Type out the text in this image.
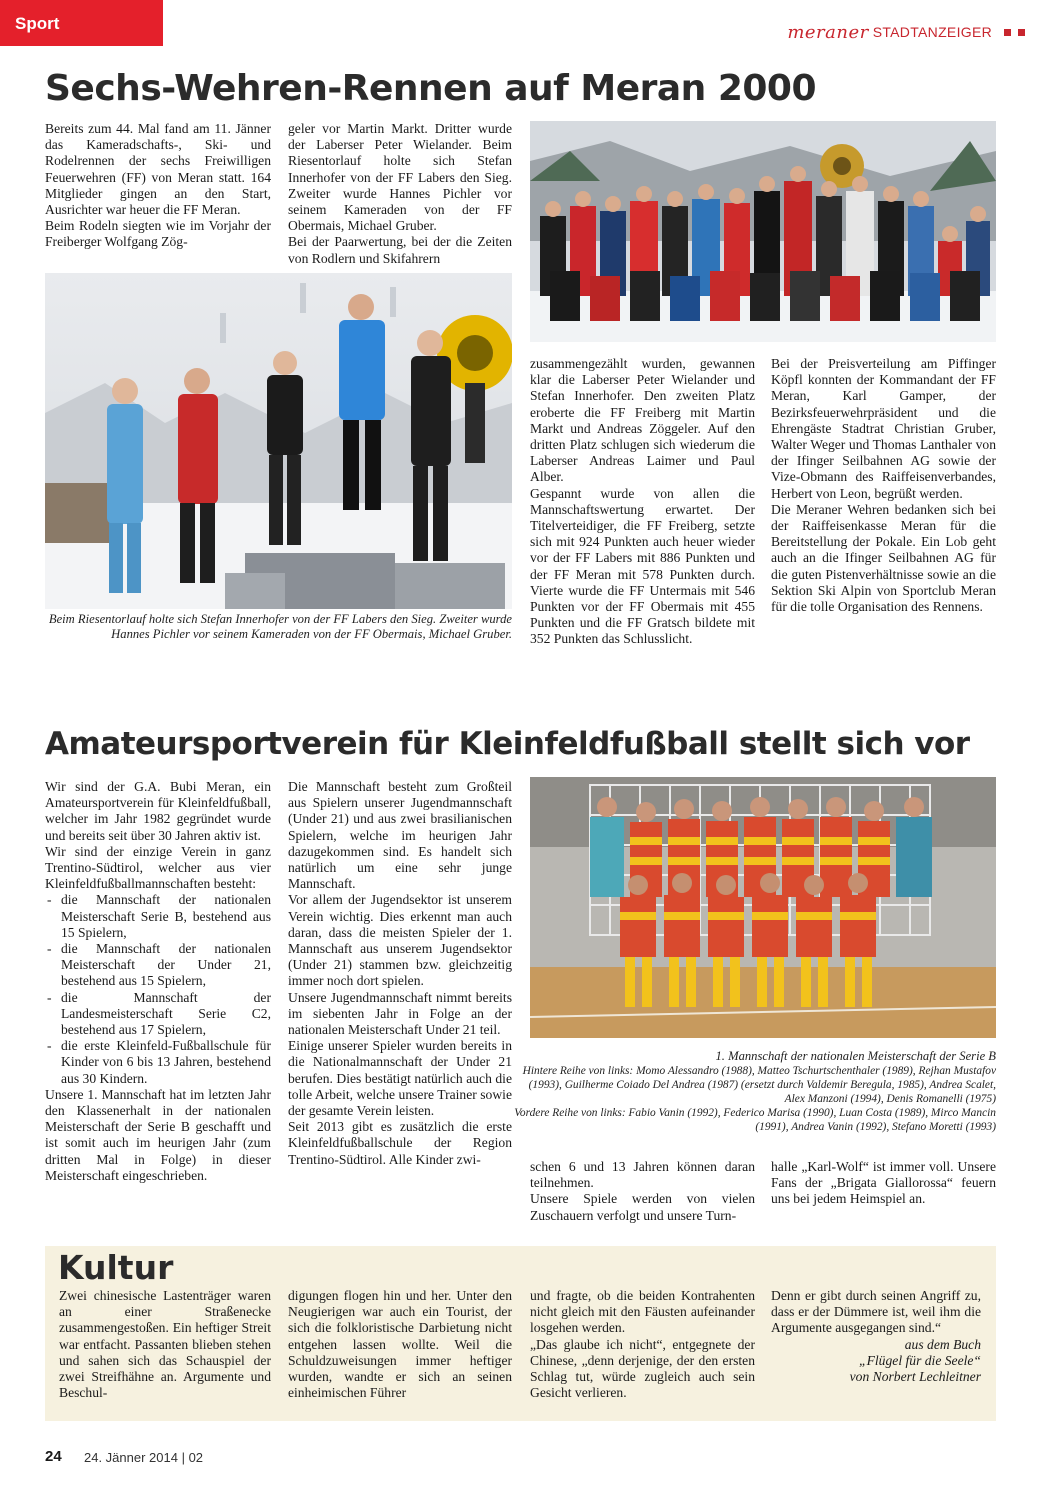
Sport	meraner STADTANZEIGER
Sechs-Wehren-Rennen auf Meran 2000

Bereits zum 44. Mal fand am 11. Jänner das Kameradschafts-, Ski- und Rodelrennen der sechs Freiwilligen Feuerwehren (FF) von Meran statt. 164 Mitglieder gingen an den Start, Ausrichter war heuer die FF Meran.

Beim Rodeln siegten wie im Vorjahr der Freiberger Wolfgang Zög-

geler vor Martin Markt. Dritter wurde der Laberser Peter Wielander. Beim Riesentorlauf holte sich Stefan Innerhofer von der FF Labers den Sieg. Zweiter wurde Hannes Pichler vor seinem Kameraden von der FF Obermais, Michael Gruber.

Bei der Paarwertung, bei der die Zeiten von Rodlern und Skifahrern

Beim Riesentorlauf holte sich Stefan Innerhofer von der FF Labers den Sieg. Zweiter wurde Hannes Pichler vor seinem Kameraden von der FF Obermais, Michael Gruber.

zusammengezählt wurden, gewannen klar die Laberser Peter Wielander und Stefan Innerhofer. Den zweiten Platz eroberte die FF Freiberg mit Martin Markt und Andreas Zöggeler. Auf den dritten Platz schlugen sich wiederum die Laberser Andreas Laimer und Paul Alber.

Gespannt wurde von allen die Mannschaftswertung erwartet. Der Titelverteidiger, die FF Freiberg, setzte sich mit 924 Punkten auch heuer wieder vor der FF Labers mit 886 Punkten und der FF Meran mit 578 Punkten durch. Vierte wurde die FF Untermais mit 546 Punkten vor der FF Obermais mit 455 Punkten und die FF Gratsch bildete mit 352 Punkten das Schlusslicht.

Bei der Preisverteilung am Piffinger Köpfl konnten der Kommandant der FF Meran, Karl Gamper, der Bezirksfeuerwehrpräsident und die Ehrengäste Stadtrat Christian Gruber, Walter Weger und Thomas Lanthaler von der Ifinger Seilbahnen AG sowie der Vize-Obmann des Raiffeisenverbandes, Herbert von Leon, begrüßt werden.

Die Meraner Wehren bedanken sich bei der Raiffeisenkasse Meran für die Bereitstellung der Pokale. Ein Lob geht auch an die Ifinger Seilbahnen AG für die guten Pistenverhältnisse sowie an die Sektion Ski Alpin von Sportclub Meran für die tolle Organisation des Rennens.

Amateursportverein für Kleinfeldfußball stellt sich vor

Wir sind der G.A. Bubi Meran, ein Amateursportverein für Kleinfeldfußball, welcher im Jahr 1982 gegründet wurde und bereits seit über 30 Jahren aktiv ist.

Wir sind der einzige Verein in ganz Trentino-Südtirol, welcher aus vier Kleinfeldfußballmannschaften besteht:

- die Mannschaft der nationalen Meisterschaft Serie B, bestehend aus 15 Spielern,
- die Mannschaft der nationalen Meisterschaft der Under 21, bestehend aus 15 Spielern,
- die Mannschaft der Landesmeisterschaft Serie C2, bestehend aus 17 Spielern,
- die erste Kleinfeld-Fußballschule für Kinder von 6 bis 13 Jahren, bestehend aus 30 Kindern.

Unsere 1. Mannschaft hat im letzten Jahr den Klassenerhalt in der nationalen Meisterschaft der Serie B geschafft und ist somit auch im heurigen Jahr (zum dritten Mal in Folge) in dieser Meisterschaft eingeschrieben.

Die Mannschaft besteht zum Großteil aus Spielern unserer Jugendmannschaft (Under 21) und aus zwei brasilianischen Spielern, welche im heurigen Jahr dazugekommen sind. Es handelt sich natürlich um eine sehr junge Mannschaft.

Vor allem der Jugendsektor ist unserem Verein wichtig. Dies erkennt man auch daran, dass die meisten Spieler der 1. Mannschaft aus unserem Jugendsektor (Under 21) stammen bzw. gleichzeitig immer noch dort spielen.

Unsere Jugendmannschaft nimmt bereits im siebenten Jahr in Folge an der nationalen Meisterschaft Under 21 teil.

Einige unserer Spieler wurden bereits in die Nationalmannschaft der Under 21 berufen. Dies bestätigt natürlich auch die tolle Arbeit, welche unsere Trainer sowie der gesamte Verein leisten.

Seit 2013 gibt es zusätzlich die erste Kleinfeldfußballschule der Region Trentino-Südtirol. Alle Kinder zwi-

1. Mannschaft der nationalen Meisterschaft der Serie B
Hintere Reihe von links: Momo Alessandro (1988), Matteo Tschurtschenthaler (1989), Rejhan Mustafov (1993), Guilherme Coiado Del Andrea (1987) (ersetzt durch Valdemir Beregula, 1985), Andrea Scalet, Alex Manzoni (1994), Denis Romanelli (1975)
Vordere Reihe von links: Fabio Vanin (1992), Federico Marisa (1990), Luan Costa (1989), Mirco Mancin (1991), Andrea Vanin (1992), Stefano Moretti (1993)

schen 6 und 13 Jahren können daran teilnehmen.

Unsere Spiele werden von vielen Zuschauern verfolgt und unsere Turn-

halle „Karl-Wolf“ ist immer voll. Unsere Fans der „Brigata Giallorossa“ feuern uns bei jedem Heimspiel an.

Kultur

Zwei chinesische Lastenträger waren an einer Straßenecke zusammengestoßen. Ein heftiger Streit war entfacht. Passanten blieben stehen und sahen sich das Schauspiel der zwei Streifhähne an. Argumente und Beschul-

digungen flogen hin und her. Unter den Neugierigen war auch ein Tourist, der sich die folkloristische Darbietung nicht entgehen lassen wollte. Weil die Schuldzuweisungen immer heftiger wurden, wandte er sich an seinen einheimischen Führer

und fragte, ob die beiden Kontrahenten nicht gleich mit den Fäusten aufeinander losgehen werden.

„Das glaube ich nicht“, entgegnete der Chinese, „denn derjenige, der den ersten Schlag tut, würde zugleich auch sein Gesicht verlieren.

Denn er gibt durch seinen Angriff zu, dass er der Dümmere ist, weil ihm die Argumente ausgegangen sind.“

aus dem Buch

„Flügel für die Seele“

von Norbert Lechleitner

24 24. Jänner 2014 | 02
